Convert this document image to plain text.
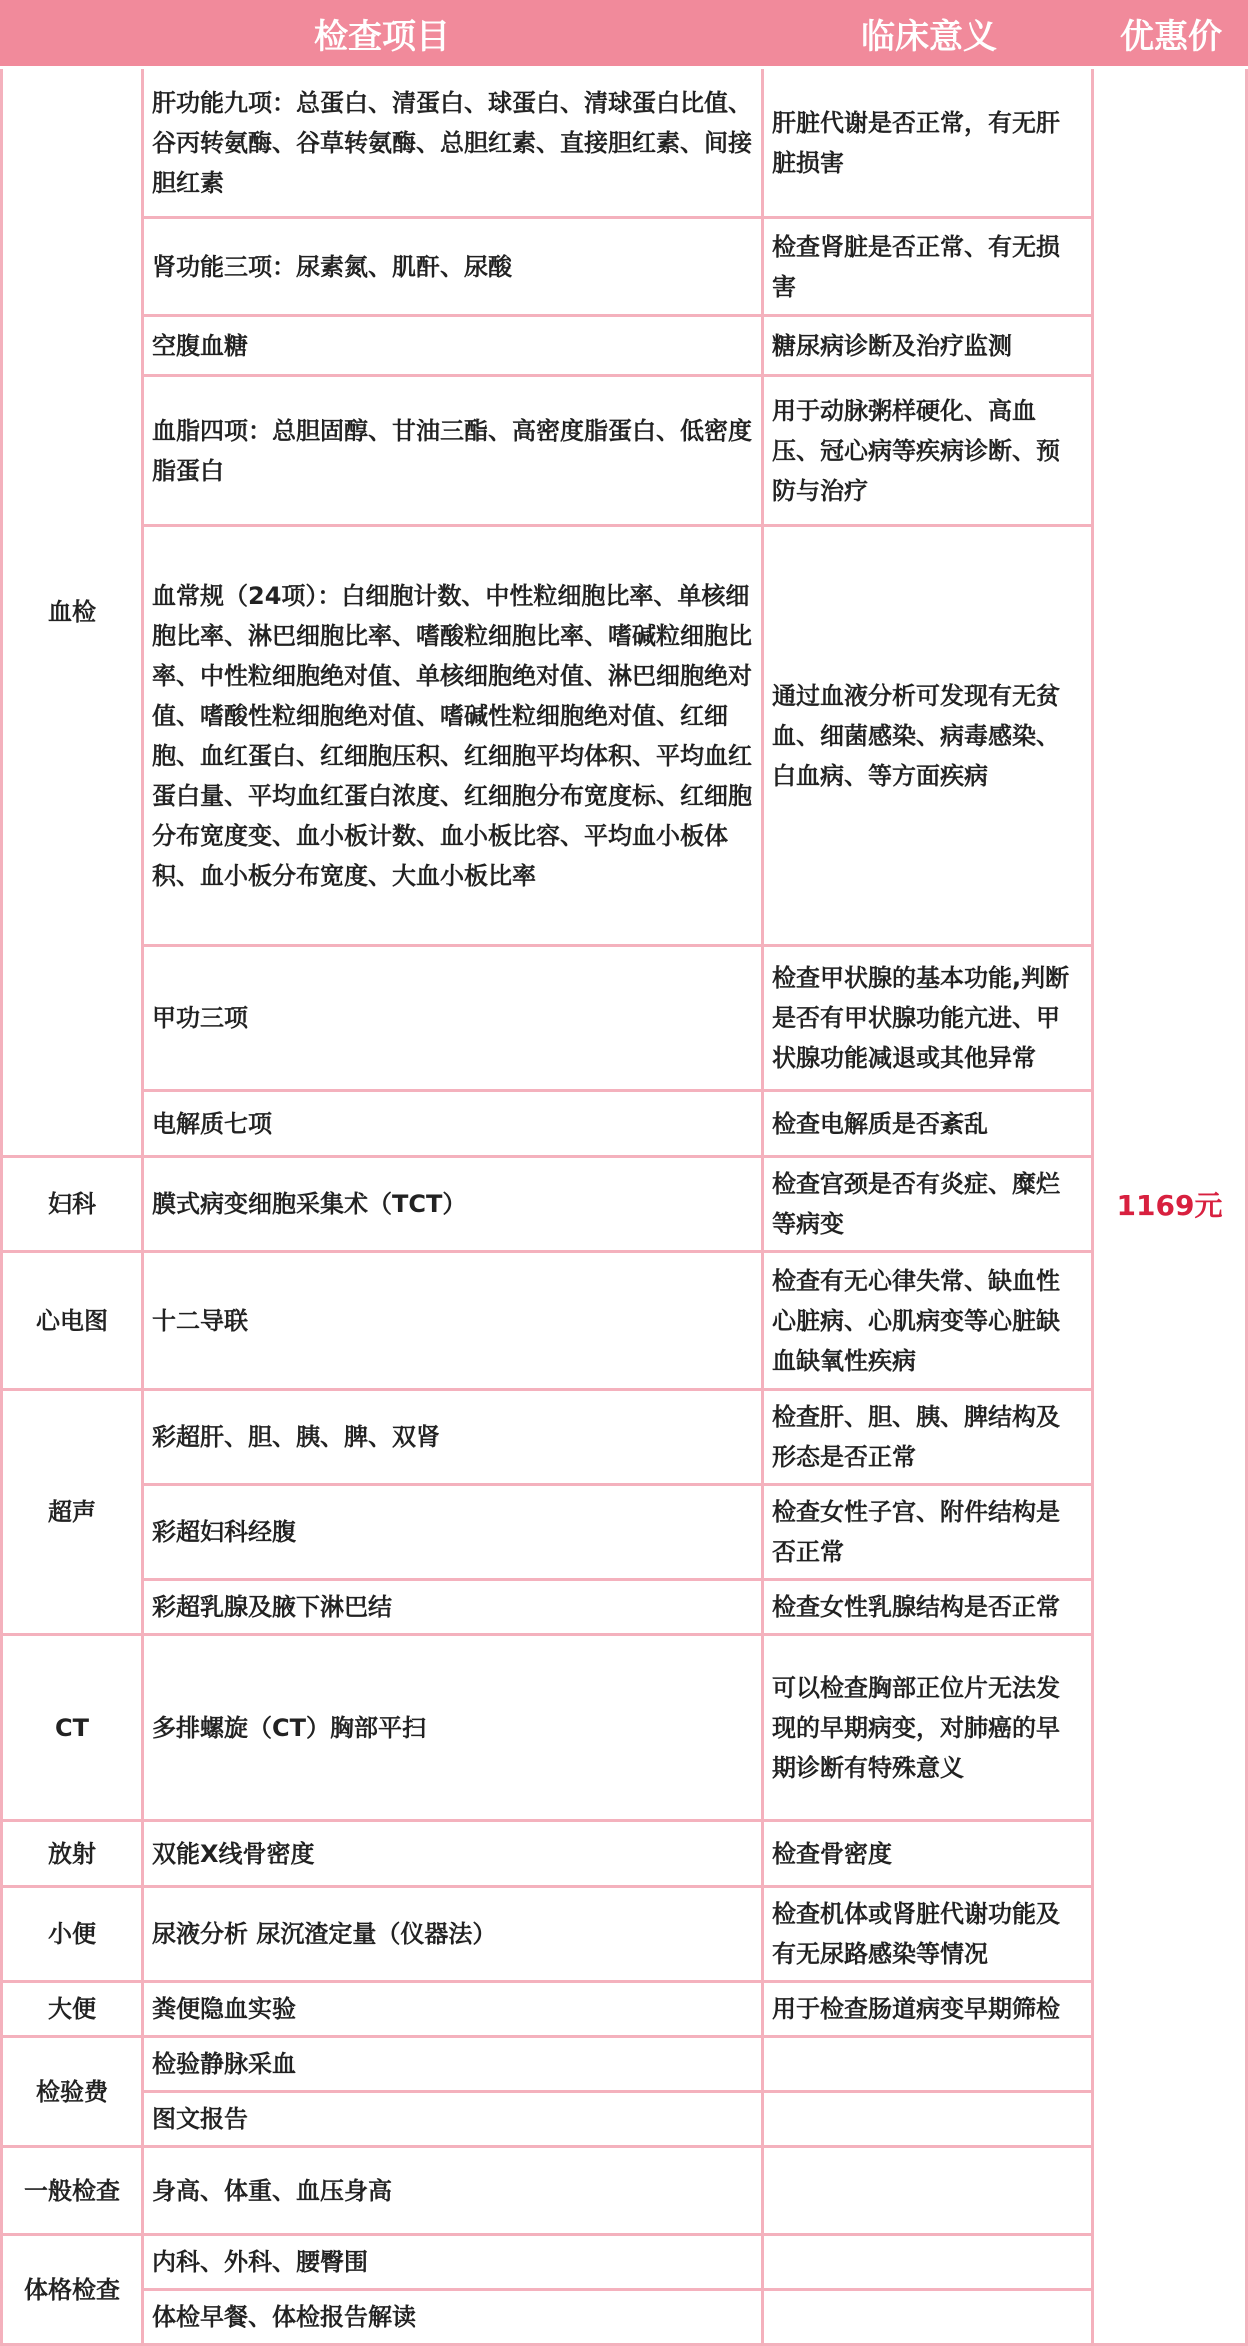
检查项目		临床意义	优惠价
血检	肝功能九项：总蛋白、清蛋白、球蛋白、清球蛋白比值、谷丙转氨酶、谷草转氨酶、总胆红素、直接胆红素、间接胆红素	肝脏代谢是否正常，有无肝脏损害	1169元
	肾功能三项：尿素氮、肌酐、尿酸	检查肾脏是否正常、有无损害	
	空腹血糖	糖尿病诊断及治疗监测	
	血脂四项：总胆固醇、甘油三酯、高密度脂蛋白、低密度脂蛋白	用于动脉粥样硬化、高血压、冠心病等疾病诊断、预防与治疗	
	血常规（24项）：白细胞计数、中性粒细胞比率、单核细胞比率、淋巴细胞比率、嗜酸粒细胞比率、嗜碱粒细胞比率、中性粒细胞绝对值、单核细胞绝对值、淋巴细胞绝对值、嗜酸性粒细胞绝对值、嗜碱性粒细胞绝对值、红细胞、血红蛋白、红细胞压积、红细胞平均体积、平均血红蛋白量、平均血红蛋白浓度、红细胞分布宽度标、红细胞分布宽度变、血小板计数、血小板比容、平均血小板体积、血小板分布宽度、大血小板比率	通过血液分析可发现有无贫血、细菌感染、病毒感染、白血病、等方面疾病	
	甲功三项	检查甲状腺的基本功能,判断是否有甲状腺功能亢进、甲状腺功能减退或其他异常	
	电解质七项	检查电解质是否紊乱	
妇科	膜式病变细胞采集术（TCT）	检查宫颈是否有炎症、糜烂等病变	
心电图	十二导联	检查有无心律失常、缺血性心脏病、心肌病变等心脏缺血缺氧性疾病	
超声	彩超肝、胆、胰、脾、双肾	检查肝、胆、胰、脾结构及形态是否正常	
	彩超妇科经腹	检查女性子宫、附件结构是否正常	
	彩超乳腺及腋下淋巴结	检查女性乳腺结构是否正常	
CT	多排螺旋（CT）胸部平扫	可以检查胸部正位片无法发现的早期病变，对肺癌的早期诊断有特殊意义	
放射	双能X线骨密度	检查骨密度	
小便	尿液分析 尿沉渣定量（仪器法）	检查机体或肾脏代谢功能及有无尿路感染等情况	
大便	粪便隐血实验	用于检查肠道病变早期筛检	
检验费	检验静脉采血		
	图文报告		
一般检查	身高、体重、血压身高		
体格检查	内科、外科、腰臀围		
	体检早餐、体检报告解读		
